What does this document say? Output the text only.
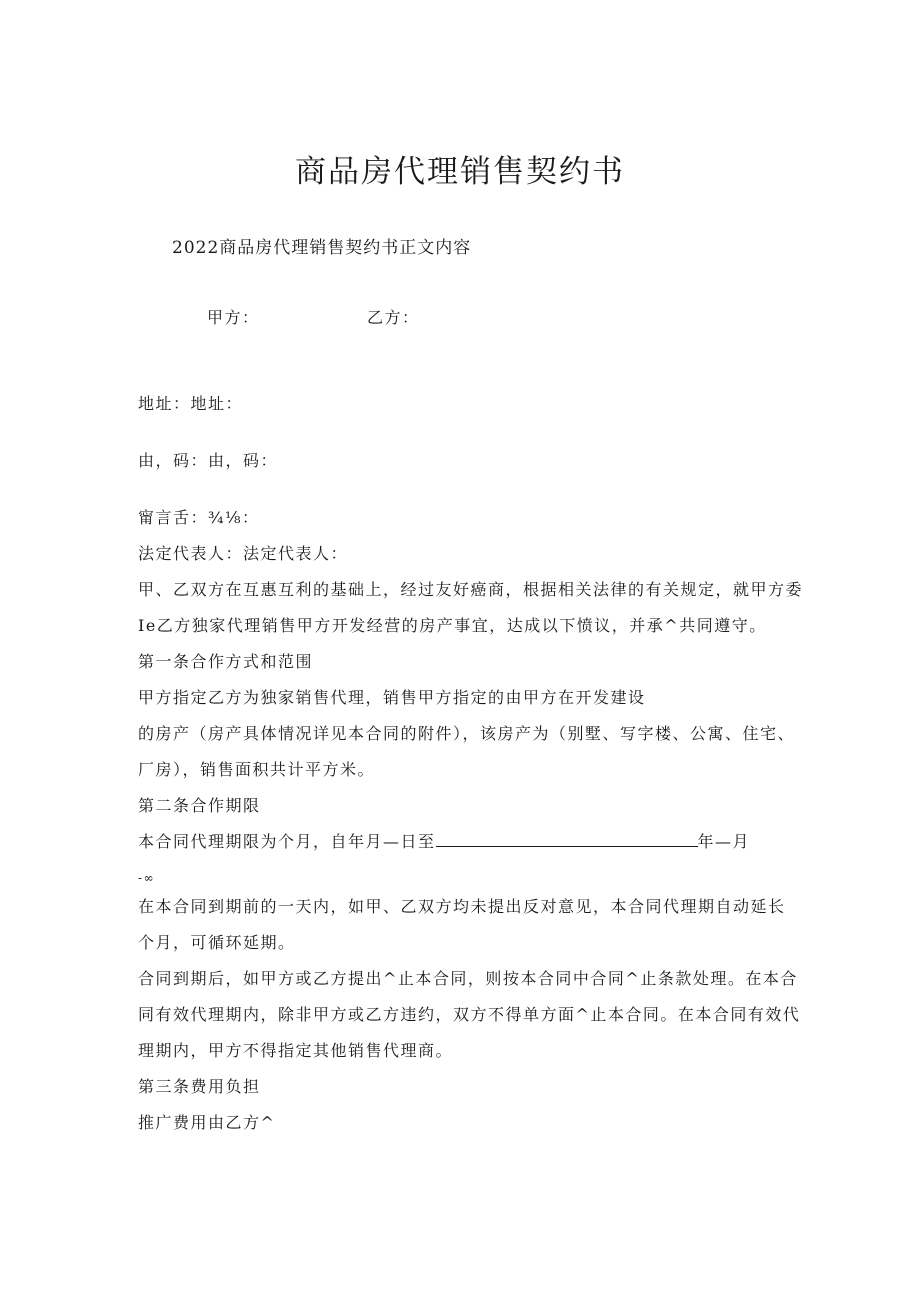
商品房代理销售契约书
2022商品房代理销售契约书正文内容
甲方：	乙方：
地址：地址：
由，码：由，码：
甯言舌：¾⅛：
法定代表人：法定代表人：
甲、乙双方在互惠互利的基础上，经过友好癌商，根据相关法律的有关规定，就甲方委
Ie乙方独家代理销售甲方开发经营的房产事宜，达成以下愤议，并承^共同遵守。
第一条合作方式和范围
甲方指定乙方为独家销售代理，销售甲方指定的由甲方在开发建设
的房产（房产具体情况详见本合同的附件），该房产为（别墅、写字楼、公寓、住宅、
厂房），销售面积共计平方米。
第二条合作期限
本合同代理期限为个月，自年月—日至	年—月
-∞
在本合同到期前的一天内，如甲、乙双方均未提出反对意见，本合同代理期自动延长
个月，可循环延期。
合同到期后，如甲方或乙方提出^止本合同，则按本合同中合同^止条款处理。在本合
同有效代理期内，除非甲方或乙方违约，双方不得单方面^止本合同。在本合同有效代
理期内，甲方不得指定其他销售代理商。
第三条费用负担
推广费用由乙方^
